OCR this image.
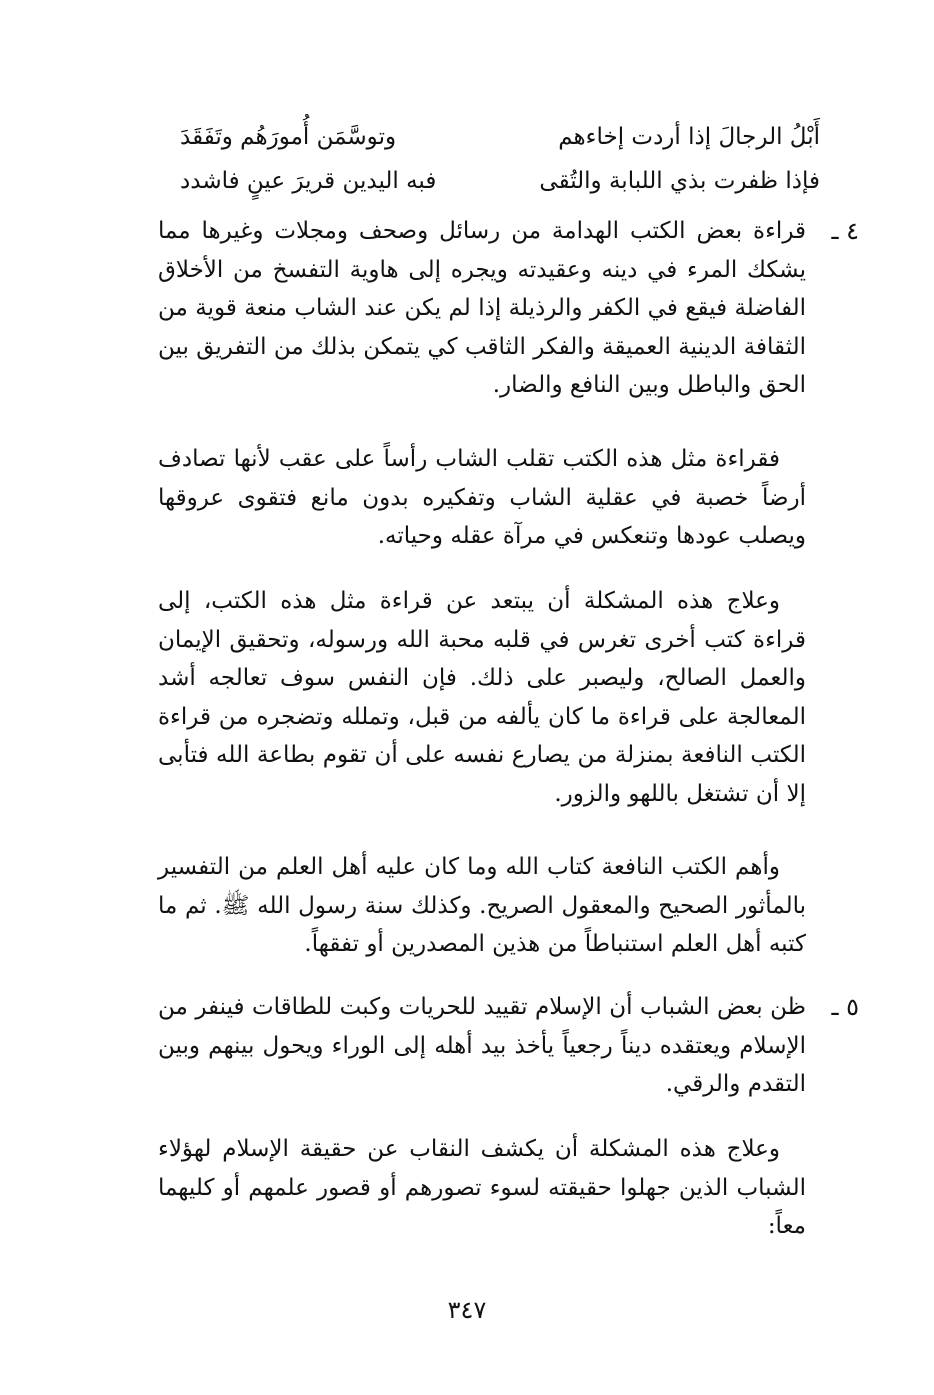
أَبْلُ الرجالَ إذا أردت إخاءهم
وتوسَّمَن أُمورَهُم وتَفَقَدَ
فإذا ظفرت بذي اللبابة والتُقى
فبه اليدين قريرَ عينٍ فاشدد
٤ ـ
قراءة بعض الكتب الهدامة من رسائل وصحف ومجلات وغيرها مما يشكك المرء في دينه وعقيدته ويجره إلى هاوية التفسخ من الأخلاق الفاضلة فيقع في الكفر والرذيلة إذا لم يكن عند الشاب منعة قوية من الثقافة الدينية العميقة والفكر الثاقب كي يتمكن بذلك من التفريق بين الحق والباطل وبين النافع والضار.
فقراءة مثل هذه الكتب تقلب الشاب رأساً على عقب لأنها تصادف أرضاً خصبة في عقلية الشاب وتفكيره بدون مانع فتقوى عروقها ويصلب عودها وتنعكس في مرآة عقله وحياته.
وعلاج هذه المشكلة أن يبتعد عن قراءة مثل هذه الكتب، إلى قراءة كتب أخرى تغرس في قلبه محبة الله ورسوله، وتحقيق الإيمان والعمل الصالح، وليصبر على ذلك. فإن النفس سوف تعالجه أشد المعالجة على قراءة ما كان يألفه من قبل، وتملله وتضجره من قراءة الكتب النافعة بمنزلة من يصارع نفسه على أن تقوم بطاعة الله فتأبى إلا أن تشتغل باللهو والزور.
وأهم الكتب النافعة كتاب الله وما كان عليه أهل العلم من التفسير بالمأثور الصحيح والمعقول الصريح. وكذلك سنة رسول الله ﷺ. ثم ما كتبه أهل العلم استنباطاً من هذين المصدرين أو تفقهاً.
٥ ـ
ظن بعض الشباب أن الإسلام تقييد للحريات وكبت للطاقات فينفر من الإسلام ويعتقده ديناً رجعياً يأخذ بيد أهله إلى الوراء ويحول بينهم وبين التقدم والرقي.
وعلاج هذه المشكلة أن يكشف النقاب عن حقيقة الإسلام لهؤلاء الشباب الذين جهلوا حقيقته لسوء تصورهم أو قصور علمهم أو كليهما معاً:
٣٤٧
